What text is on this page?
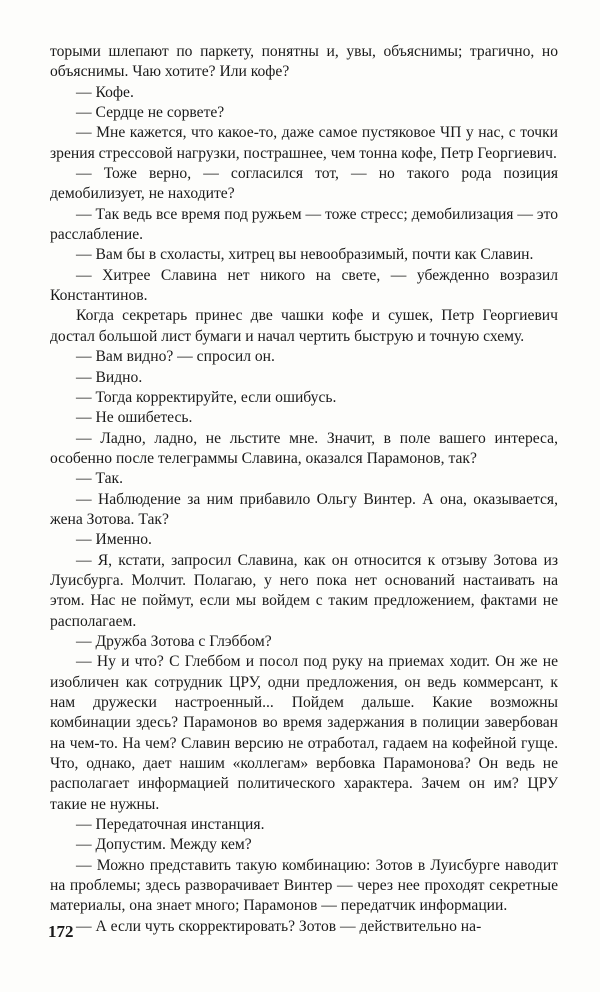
торыми шлепают по паркету, понятны и, увы, объяснимы; трагично, но объяснимы. Чаю хотите? Или кофе?

— Кофе.

— Сердце не сорвете?

— Мне кажется, что какое-то, даже самое пустяковое ЧП у нас, с точки зрения стрессовой нагрузки, пострашнее, чем тонна кофе, Петр Георгиевич.

— Тоже верно, — согласился тот, — но такого рода позиция демобилизует, не находите?

— Так ведь все время под ружьем — тоже стресс; демобилизация — это расслабление.

— Вам бы в схоласты, хитрец вы невообразимый, почти как Славин.

— Хитрее Славина нет никого на свете, — убежденно возразил Константинов.

Когда секретарь принес две чашки кофе и сушек, Петр Георгиевич достал большой лист бумаги и начал чертить быструю и точную схему.

— Вам видно? — спросил он.

— Видно.

— Тогда корректируйте, если ошибусь.

— Не ошибетесь.

— Ладно, ладно, не льстите мне. Значит, в поле вашего интереса, особенно после телеграммы Славина, оказался Парамонов, так?

— Так.

— Наблюдение за ним прибавило Ольгу Винтер. А она, оказывается, жена Зотова. Так?

— Именно.

— Я, кстати, запросил Славина, как он относится к отзыву Зотова из Луисбурга. Молчит. Полагаю, у него пока нет оснований настаивать на этом. Нас не поймут, если мы войдем с таким предложением, фактами не располагаем.

— Дружба Зотова с Глэббом?

— Ну и что? С Глеббом и посол под руку на приемах ходит. Он же не изобличен как сотрудник ЦРУ, одни предложения, он ведь коммерсант, к нам дружески настроенный... Пойдем дальше. Какие возможны комбинации здесь? Парамонов во время задержания в полиции завербован на чем-то. На чем? Славин версию не отработал, гадаем на кофейной гуще. Что, однако, дает нашим «коллегам» вербовка Парамонова? Он ведь не располагает информацией политического характера. Зачем он им? ЦРУ такие не нужны.

— Передаточная инстанция.

— Допустим. Между кем?

— Можно представить такую комбинацию: Зотов в Луисбурге наводит на проблемы; здесь разворачивает Винтер — через нее проходят секретные материалы, она знает много; Парамонов — передатчик информации.

— А если чуть скорректировать? Зотов — действительно на-

172
